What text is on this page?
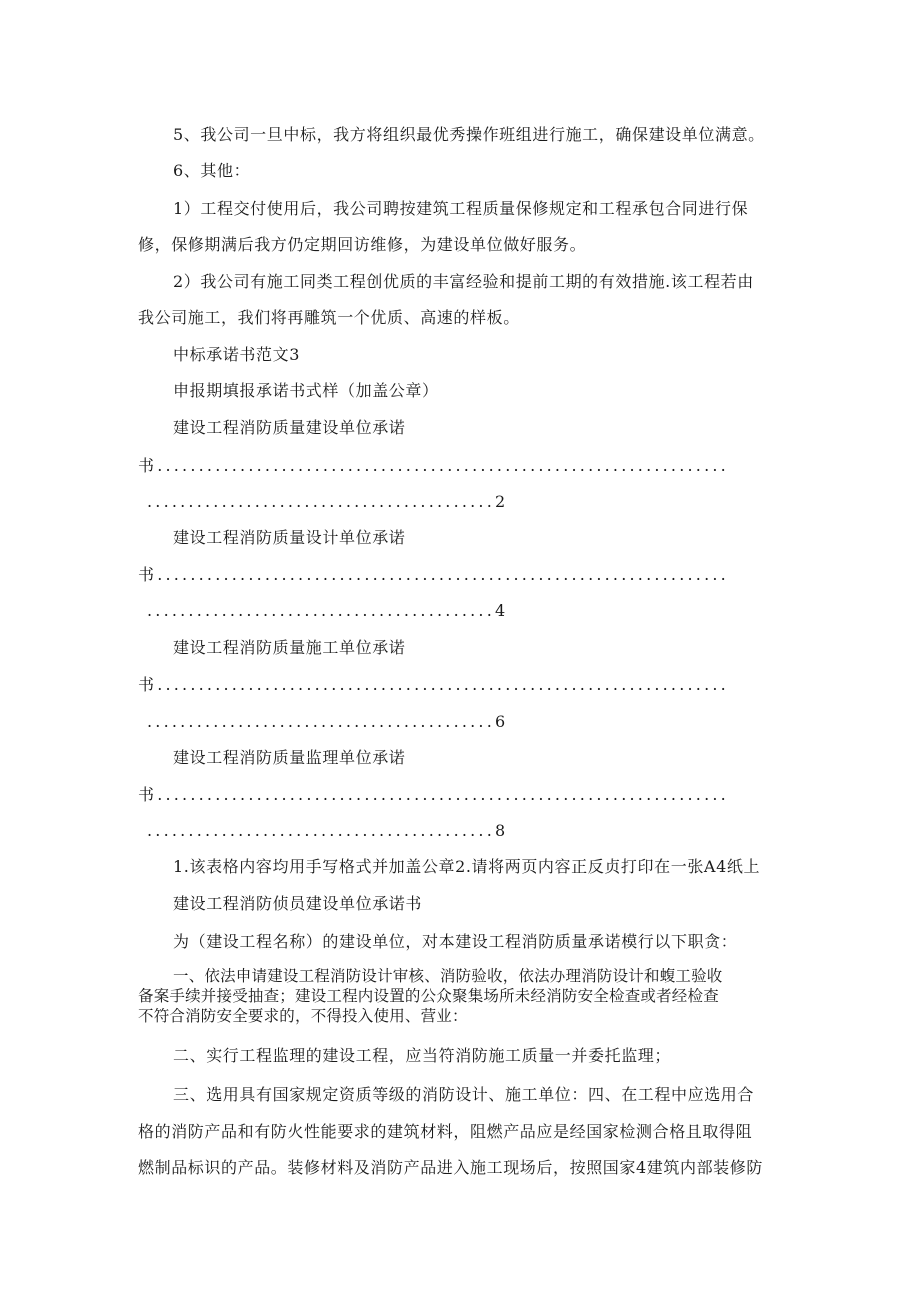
5、我公司一旦中标，我方将组织最优秀操作班组进行施工，确保建设单位满意。
6、其他：
1）工程交付使用后，我公司聘按建筑工程质量保修规定和工程承包合同进行保
修，保修期满后我方仍定期回访维修，为建设单位做好服务。
2）我公司有施工同类工程创优质的丰富经验和提前工期的有效措施.该工程若由
我公司施工，我们将再雕筑一个优质、高速的样板。
中标承诺书范文3
申报期填报承诺书式样（加盖公章）
建设工程消防质量建设单位承诺
书.....................................................................
..........................................2
建设工程消防质量设计单位承诺
书.....................................................................
..........................................4
建设工程消防质量施工单位承诺
书.....................................................................
..........................................6
建设工程消防质量监理单位承诺
书.....................................................................
..........................................8
1.该表格内容均用手写格式并加盖公章2.请将两页内容正反贞打印在一张A4纸上
建设工程消防侦员建设单位承诺书
为（建设工程名称）的建设单位，对本建设工程消防质量承诺模行以下职贪：
一、依法申请建设工程消防设计审核、消防验收，依法办理消防设计和蝮工验收
备案手续并接受抽查；建设工程内设置的公众聚集场所未经消防安全检查或者经检查
不符合消防安全要求的，不得投入使用、营业：
二、实行工程监理的建设工程，应当符消防施工质量一并委托监理；
三、选用具有国家规定资质等级的消防设计、施工单位：四、在工程中应选用合
格的消防产品和有防火性能要求的建筑材料，阻燃产品应是经国家检测合格且取得阻
燃制品标识的产品。装修材料及消防产品进入施工现场后，按照国家4建筑内部装修防
